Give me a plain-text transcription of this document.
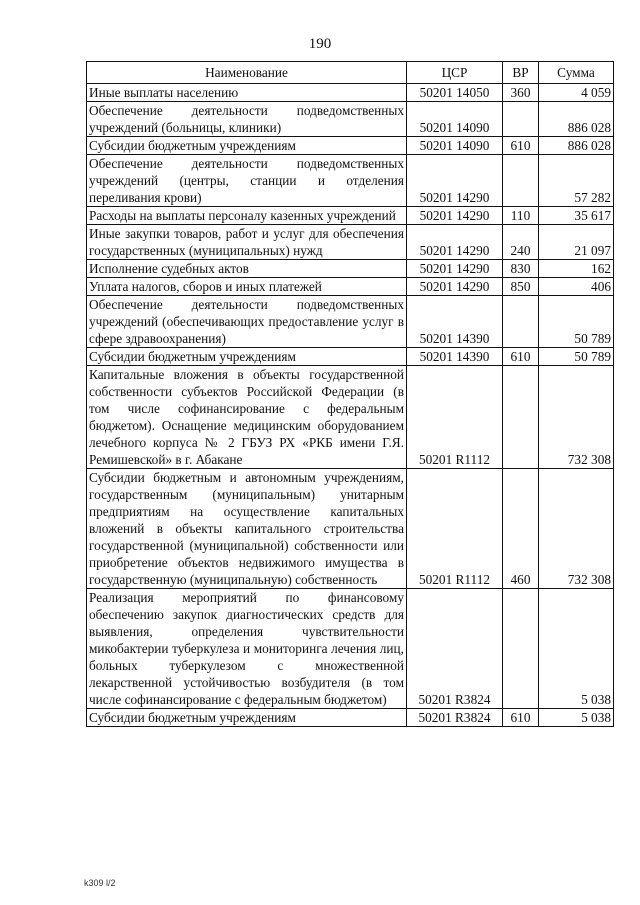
190
Наименование	ЦСР	ВР	Сумма
Иные выплаты населению	50201 14050	360	4 059
Обеспечение деятельности подведомственных учреждений (больницы, клиники)	50201 14090		886 028
Субсидии бюджетным учреждениям	50201 14090	610	886 028
Обеспечение деятельности подведомственных учреждений (центры, станции и отделения переливания крови)	50201 14290		57 282
Расходы на выплаты персоналу казенных учреждений	50201 14290	110	35 617
Иные закупки товаров, работ и услуг для обеспечения государственных (муниципальных) нужд	50201 14290	240	21 097
Исполнение судебных актов	50201 14290	830	162
Уплата налогов, сборов и иных платежей	50201 14290	850	406
Обеспечение деятельности подведомственных учреждений (обеспечивающих предоставление услуг в сфере здравоохранения)	50201 14390		50 789
Субсидии бюджетным учреждениям	50201 14390	610	50 789
Капитальные вложения в объекты государственной собственности субъектов Российской Федерации (в том числе софинансирование с федеральным бюджетом). Оснащение медицинским оборудованием лечебного корпуса № 2 ГБУЗ РХ «РКБ имени Г.Я. Ремишевской» в г. Абакане	50201 R1112		732 308
Субсидии бюджетным и автономным учреждениям, государственным (муниципальным) унитарным предприятиям на осуществление капитальных вложений в объекты капитального строительства государственной (муниципальной) собственности или приобретение объектов недвижимого имущества в государственную (муниципальную) собственность	50201 R1112	460	732 308
Реализация мероприятий по финансовому обеспечению закупок диагностических средств для выявления, определения чувствительности микобактерии туберкулеза и мониторинга лечения лиц, больных туберкулезом с множественной лекарственной устойчивостью возбудителя (в том числе софинансирование с федеральным бюджетом)	50201 R3824		5 038
Субсидии бюджетным учреждениям	50201 R3824	610	5 038
k309 l/2
